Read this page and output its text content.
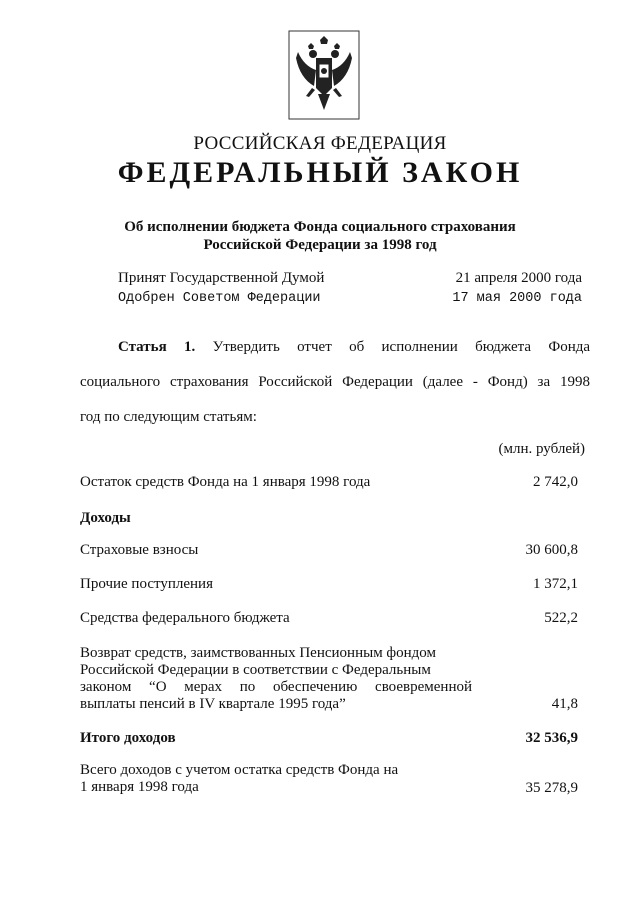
РОССИЙСКАЯ ФЕДЕРАЦИЯ
ФЕДЕРАЛЬНЫЙ ЗАКОН
Об исполнении бюджета Фонда социального страхования
Российской Федерации за 1998 год
Принят Государственной Думой	21 апреля 2000 года
Одобрен Советом Федерации	17 мая 2000 года
Статья 1. Утвердить отчет об исполнении бюджета Фонда
социального страхования Российской Федерации (далее - Фонд) за 1998
год по следующим статьям:
(млн. рублей)
Остаток средств Фонда на 1 января 1998 года	2 742,0
Доходы
Страховые взносы	30 600,8
Прочие поступления	1 372,1
Средства федерального бюджета	522,2
Возврат средств, заимствованных Пенсионным фондом
Российской Федерации в соответствии с Федеральным
законом “О мерах по обеспечению своевременной
выплаты пенсий в IV квартале 1995 года”	41,8
Итого доходов	32 536,9
Всего доходов с учетом остатка средств Фонда на
1 января 1998 года	35 278,9
